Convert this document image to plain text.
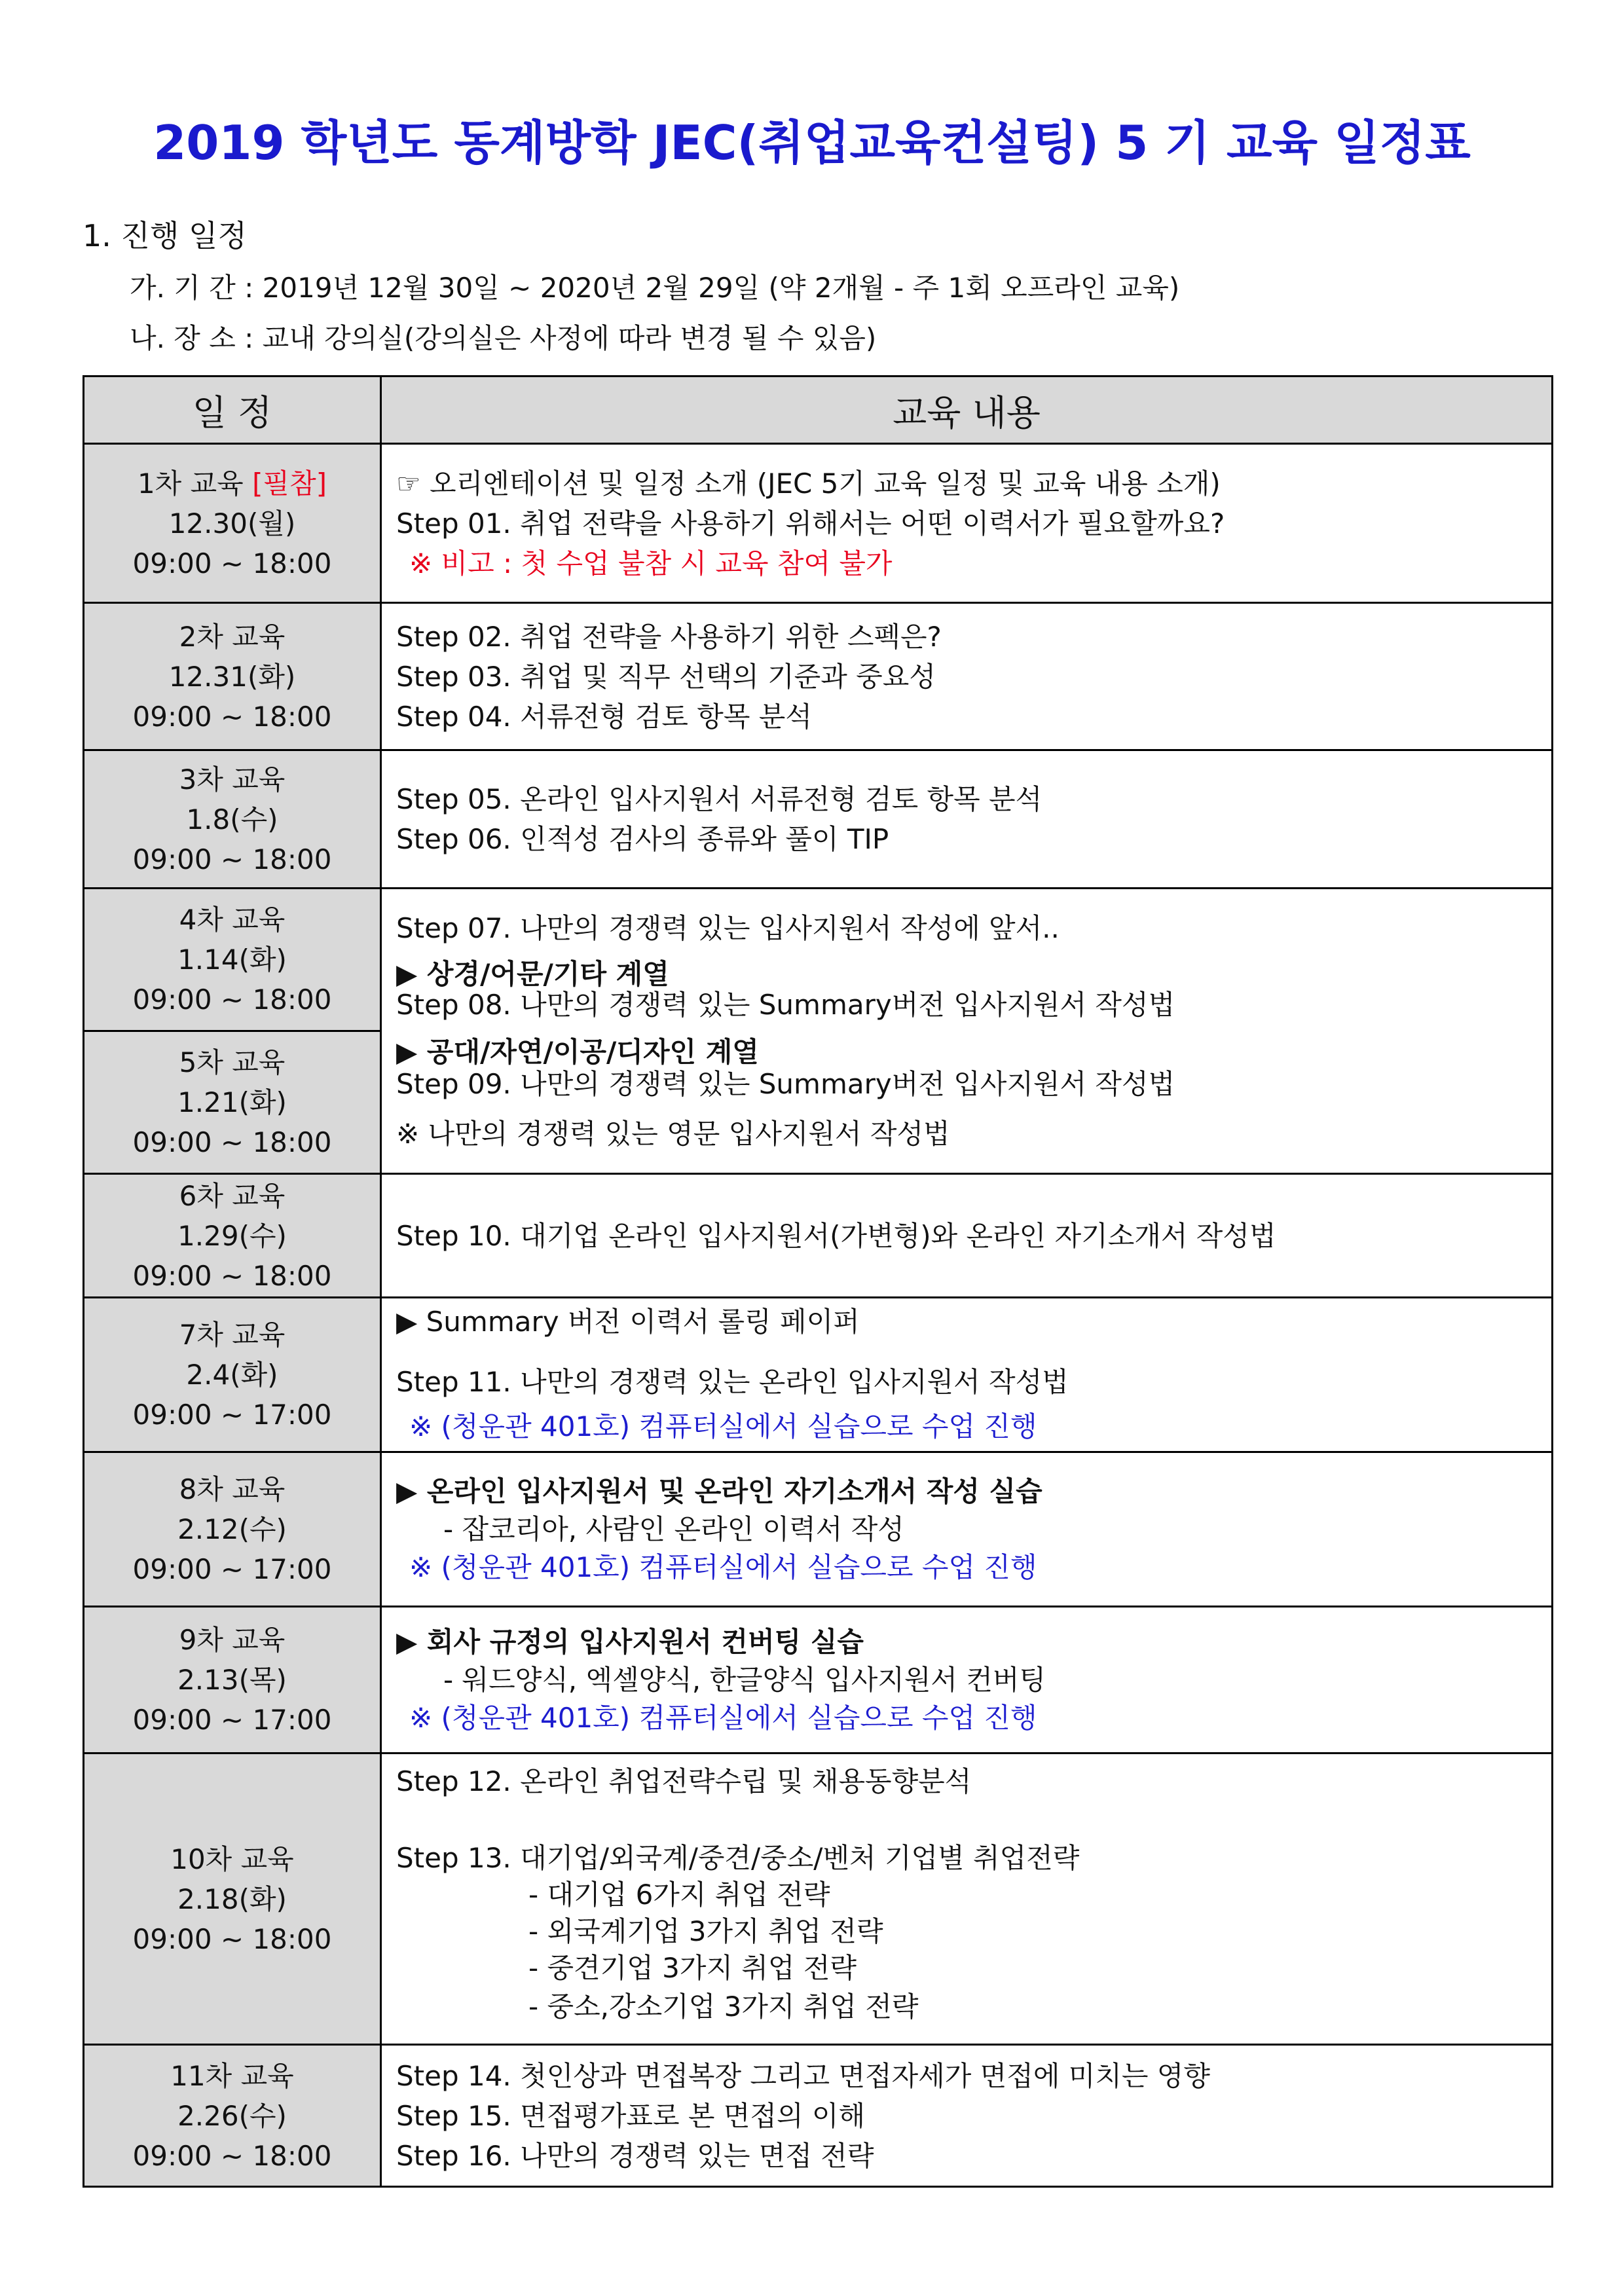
2019 학년도 동계방학 JEC(취업교육컨설팅) 5 기 교육 일정표
1. 진행 일정
가. 기 간 : 2019년 12월 30일 ~ 2020년 2월 29일 (약 2개월 - 주 1회 오프라인 교육)
나. 장 소 : 교내 강의실(강의실은 사정에 따라 변경 될 수 있음)
일 정	교육 내용
1차 교육 [필참]
12.30(월)
09:00 ~ 18:00
☞ 오리엔테이션 및 일정 소개 (JEC 5기 교육 일정 및 교육 내용 소개)
Step 01. 취업 전략을 사용하기 위해서는 어떤 이력서가 필요할까요?
※ 비고 : 첫 수업 불참 시 교육 참여 불가
2차 교육
12.31(화)
09:00 ~ 18:00
Step 02. 취업 전략을 사용하기 위한 스펙은?
Step 03. 취업 및 직무 선택의 기준과 중요성
Step 04. 서류전형 검토 항목 분석
3차 교육
1.8(수)
09:00 ~ 18:00
Step 05. 온라인 입사지원서 서류전형 검토 항목 분석
Step 06. 인적성 검사의 종류와 풀이 TIP
4차 교육
1.14(화)
09:00 ~ 18:00
5차 교육
1.21(화)
09:00 ~ 18:00
Step 07. 나만의 경쟁력 있는 입사지원서 작성에 앞서..
▶ 상경/어문/기타 계열
Step 08. 나만의 경쟁력 있는 Summary버전 입사지원서 작성법
▶ 공대/자연/이공/디자인 계열
Step 09. 나만의 경쟁력 있는 Summary버전 입사지원서 작성법
※ 나만의 경쟁력 있는 영문 입사지원서 작성법
6차 교육
1.29(수)
09:00 ~ 18:00
Step 10. 대기업 온라인 입사지원서(가변형)와 온라인 자기소개서 작성법
7차 교육
2.4(화)
09:00 ~ 17:00
▶ Summary 버전 이력서 롤링 페이퍼
Step 11. 나만의 경쟁력 있는 온라인 입사지원서 작성법
※ (청운관 401호) 컴퓨터실에서 실습으로 수업 진행
8차 교육
2.12(수)
09:00 ~ 17:00
▶ 온라인 입사지원서 및 온라인 자기소개서 작성 실습
- 잡코리아, 사람인 온라인 이력서 작성
※ (청운관 401호) 컴퓨터실에서 실습으로 수업 진행
9차 교육
2.13(목)
09:00 ~ 17:00
▶ 회사 규정의 입사지원서 컨버팅 실습
- 워드양식, 엑셀양식, 한글양식 입사지원서 컨버팅
※ (청운관 401호) 컴퓨터실에서 실습으로 수업 진행
10차 교육
2.18(화)
09:00 ~ 18:00
Step 12. 온라인 취업전략수립 및 채용동향분석
Step 13. 대기업/외국계/중견/중소/벤처 기업별 취업전략
- 대기업 6가지 취업 전략
- 외국계기업 3가지 취업 전략
- 중견기업 3가지 취업 전략
- 중소,강소기업 3가지 취업 전략
11차 교육
2.26(수)
09:00 ~ 18:00
Step 14. 첫인상과 면접복장 그리고 면접자세가 면접에 미치는 영향
Step 15. 면접평가표로 본 면접의 이해
Step 16. 나만의 경쟁력 있는 면접 전략
